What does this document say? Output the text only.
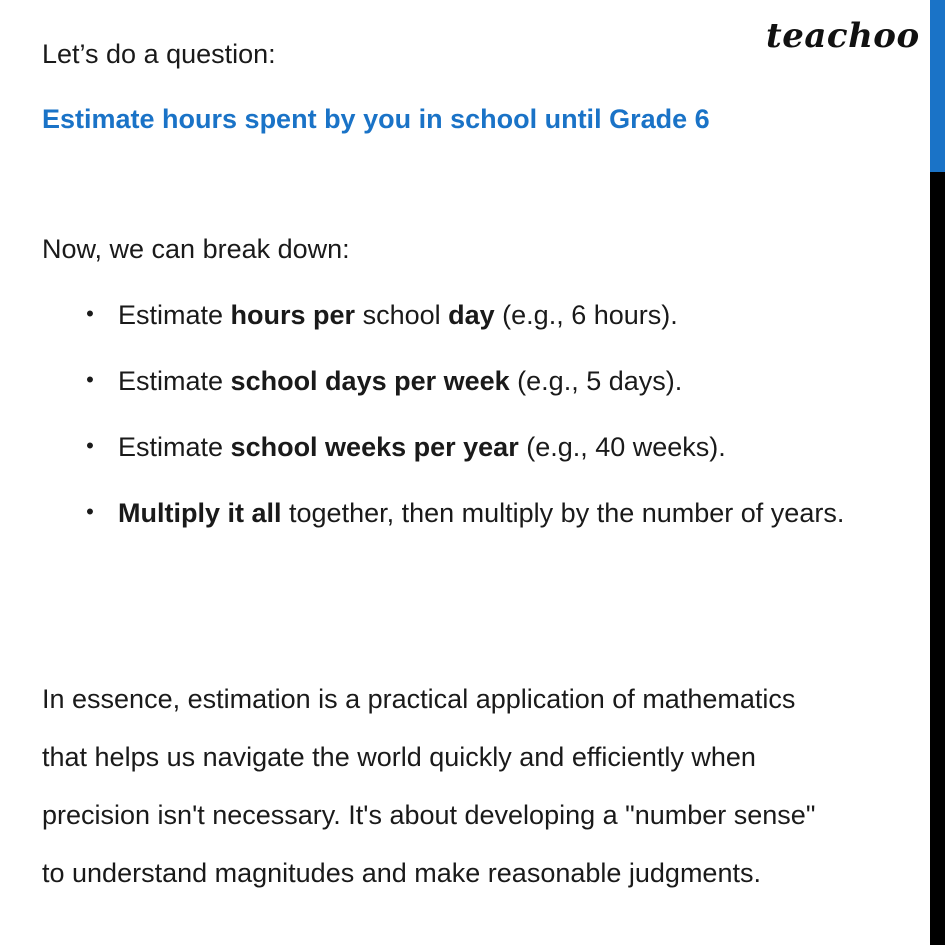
teachoo
Let’s do a question:
Estimate hours spent by you in school until Grade 6
Now, we can break down:
• Estimate hours per school day (e.g., 6 hours).
• Estimate school days per week (e.g., 5 days).
• Estimate school weeks per year (e.g., 40 weeks).
• Multiply it all together, then multiply by the number of years.
In essence, estimation is a practical application of mathematics
that helps us navigate the world quickly and efficiently when
precision isn't necessary. It's about developing a "number sense"
to understand magnitudes and make reasonable judgments.
